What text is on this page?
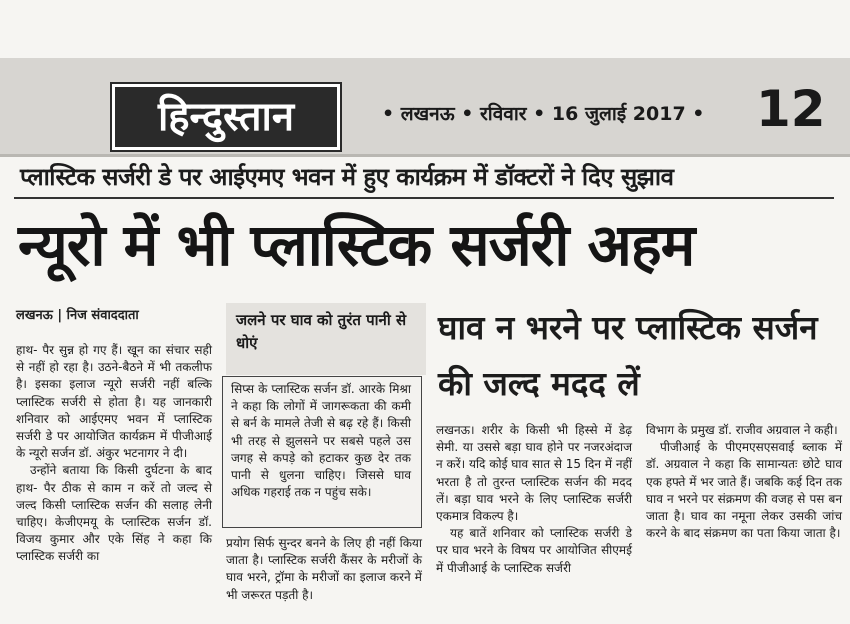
हिन्दुस्तान	• लखनऊ • रविवार • 16 जुलाई 2017 • 12
प्लास्टिक सर्जरी डे पर आईएमए भवन में हुए कार्यक्रम में डॉक्टरों ने दिए सुझाव
न्यूरो में भी प्लास्टिक सर्जरी अहम
लखनऊ | निज संवाददाता

हाथ- पैर सुन्न हो गए हैं। खून का संचार सही से नहीं हो रहा है। उठने-बैठने में भी तकलीफ है। इसका इलाज न्यूरो सर्जरी नहीं बल्कि प्लास्टिक सर्जरी से होता है। यह जानकारी शनिवार को आईएमए भवन में प्लास्टिक सर्जरी डे पर आयोजित कार्यक्रम में पीजीआई के न्यूरो सर्जन डॉ. अंकुर भटनागर ने दी।

उन्होंने बताया कि किसी दुर्घटना के बाद हाथ- पैर ठीक से काम न करें तो जल्द से जल्द किसी प्लास्टिक सर्जन की सलाह लेनी चाहिए। केजीएमयू के प्लास्टिक सर्जन डॉ. विजय कुमार और एके सिंह ने कहा कि प्लास्टिक सर्जरी का

जलने पर घाव को तुरंत पानी से धोएं
सिप्स के प्लास्टिक सर्जन डॉ. आरके मिश्रा ने कहा कि लोगों में जागरूकता की कमी से बर्न के मामले तेजी से बढ़ रहे हैं। किसी भी तरह से झुलसने पर सबसे पहले उस जगह से कपड़े को हटाकर कुछ देर तक पानी से धुलना चाहिए। जिससे घाव अधिक गहराई तक न पहुंच सके।
प्रयोग सिर्फ सुन्दर बनने के लिए ही नहीं किया जाता है। प्लास्टिक सर्जरी कैंसर के मरीजों के घाव भरने, ट्रॉमा के मरीजों का इलाज करने में भी जरूरत पड़ती है।
घाव न भरने पर प्लास्टिक सर्जन की जल्द मदद लें

लखनऊ। शरीर के किसी भी हिस्से में डेढ़ सेमी. या उससे बड़ा घाव होने पर नजरअंदाज न करें। यदि कोई घाव सात से 15 दिन में नहीं भरता है तो तुरन्त प्लास्टिक सर्जन की मदद लें। बड़ा घाव भरने के लिए प्लास्टिक सर्जरी एकमात्र विकल्प है।

यह बातें शनिवार को प्लास्टिक सर्जरी डे पर घाव भरने के विषय पर आयोजित सीएमई में पीजीआई के प्लास्टिक सर्जरी

विभाग के प्रमुख डॉ. राजीव अग्रवाल ने कही।

पीजीआई के पीएमएसएसवाई ब्लाक में डॉ. अग्रवाल ने कहा कि सामान्यतः छोटे घाव एक हफ्ते में भर जाते हैं। जबकि कई दिन तक घाव न भरने पर संक्रमण की वजह से पस बन जाता है। घाव का नमूना लेकर उसकी जांच करने के बाद संक्रमण का पता किया जाता है।
